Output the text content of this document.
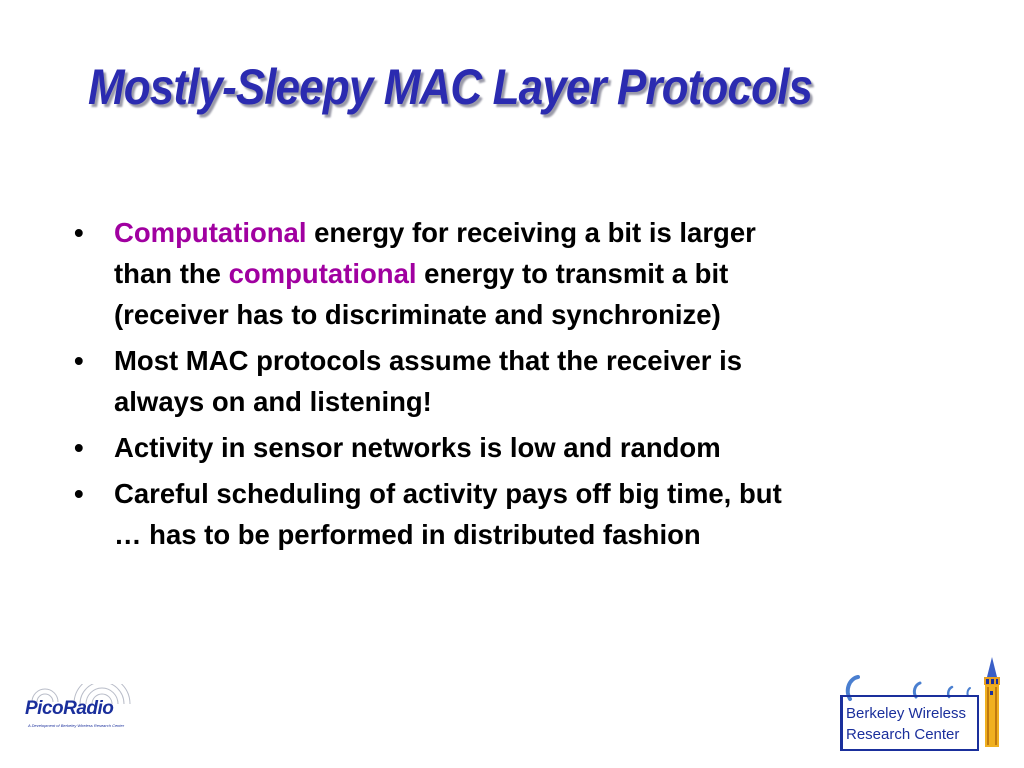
Mostly-Sleepy MAC Layer Protocols
• Computational energy for receiving a bit is larger
than the computational energy to transmit a bit
(receiver has to discriminate and synchronize)
• Most MAC protocols assume that the receiver is
always on and listening!
• Activity in sensor networks is low and random
• Careful scheduling of activity pays off big time, but
… has to be performed in distributed fashion
PicoRadio
A Development of Berkeley Wireless Research Center
Berkeley Wireless
Research Center
